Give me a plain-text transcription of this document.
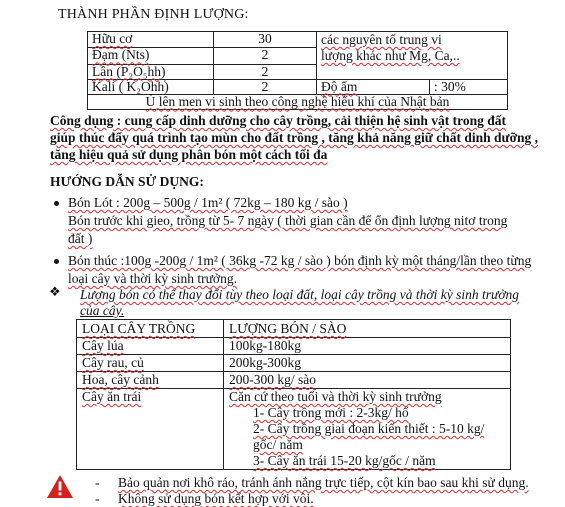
THÀNH PHẦN ĐỊNH LƯỢNG:
Hữu cơ	30	các nguyên tố trung vi
lượng khác như Mg, Ca,..	
Đạm (Nts)	2		
Lân (P₂O₅hh)	2		
Kali ( K₂Ohh)	2	Độ ẩm	: 30%
Ủ lên men vi sinh theo công nghệ hiếu khí của Nhật bản			
Công dụng : cung cấp dinh dưỡng cho cây trồng, cải thiện hệ sinh vật trong đất
giúp thúc đẩy quá trình tạo mùn cho đất trồng , tăng khả năng giữ chất dinh dưỡng ,
tăng hiệu quả sử dụng phân bón một cách tối đa
HƯỚNG DẪN SỬ DỤNG:
Bón Lót : 200g – 500g / 1m² ( 72kg – 180 kg / sào )
Bón trước khi gieo, trồng từ 5- 7 ngày ( thời gian cần để ổn định lượng nitơ trong
đất )
Bón thúc :100g -200g / 1m² ( 36kg -72 kg / sào ) bón định kỳ một tháng/lần theo từng
loại cây và thời kỳ sinh trưởng.
❖ Lượng bón có thể thay đổi tùy theo loại đất, loại cây trồng và thời kỳ sinh trưởng
của cây.
LOẠI CÂY TRỒNG	LƯỢNG BÓN / SÀO
Cây lúa	100kg-180kg
Cây rau, củ	200kg-300kg
Hoa, cây cảnh	200-300 kg/ sào
Cây ăn trái	Căn cứ theo tuổi và thời kỳ sinh trưởng
1- Cây trồng mới : 2-3kg/ hố
2- Cây trồng giai đoạn kiến thiết : 5-10 kg/ gốc/ năm
3- Cây ăn trái 15-20 kg/gốc / năm
- Bảo quản nơi khô ráo, tránh ánh nắng trực tiếp, cột kín bao sau khi sử dụng.
- Không sử dụng bón kết hợp với vôi.
